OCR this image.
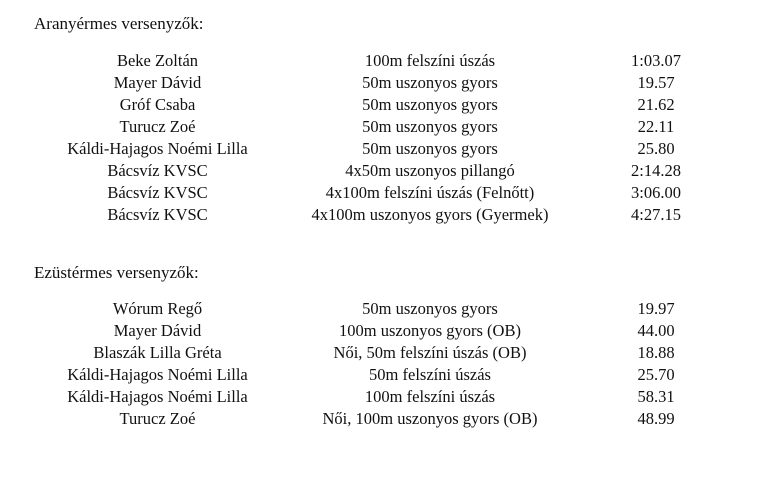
Aranyérmes versenyzők:
Beke Zoltán	100m felszíni úszás	1:03.07
Mayer Dávid	50m uszonyos gyors	19.57
Gróf Csaba	50m uszonyos gyors	21.62
Turucz Zoé	50m uszonyos gyors	22.11
Káldi-Hajagos Noémi Lilla	50m uszonyos gyors	25.80
Bácsvíz KVSC	4x50m uszonyos pillangó	2:14.28
Bácsvíz KVSC	4x100m felszíni úszás (Felnőtt)	3:06.00
Bácsvíz KVSC	4x100m uszonyos gyors (Gyermek)	4:27.15
Ezüstérmes versenyzők:
Wórum Regő	50m uszonyos gyors	19.97
Mayer Dávid	100m uszonyos gyors (OB)	44.00
Blaszák Lilla Gréta	Női, 50m felszíni úszás (OB)	18.88
Káldi-Hajagos Noémi Lilla	50m felszíni úszás	25.70
Káldi-Hajagos Noémi Lilla	100m felszíni úszás	58.31
Turucz Zoé	Női, 100m uszonyos gyors (OB)	48.99
